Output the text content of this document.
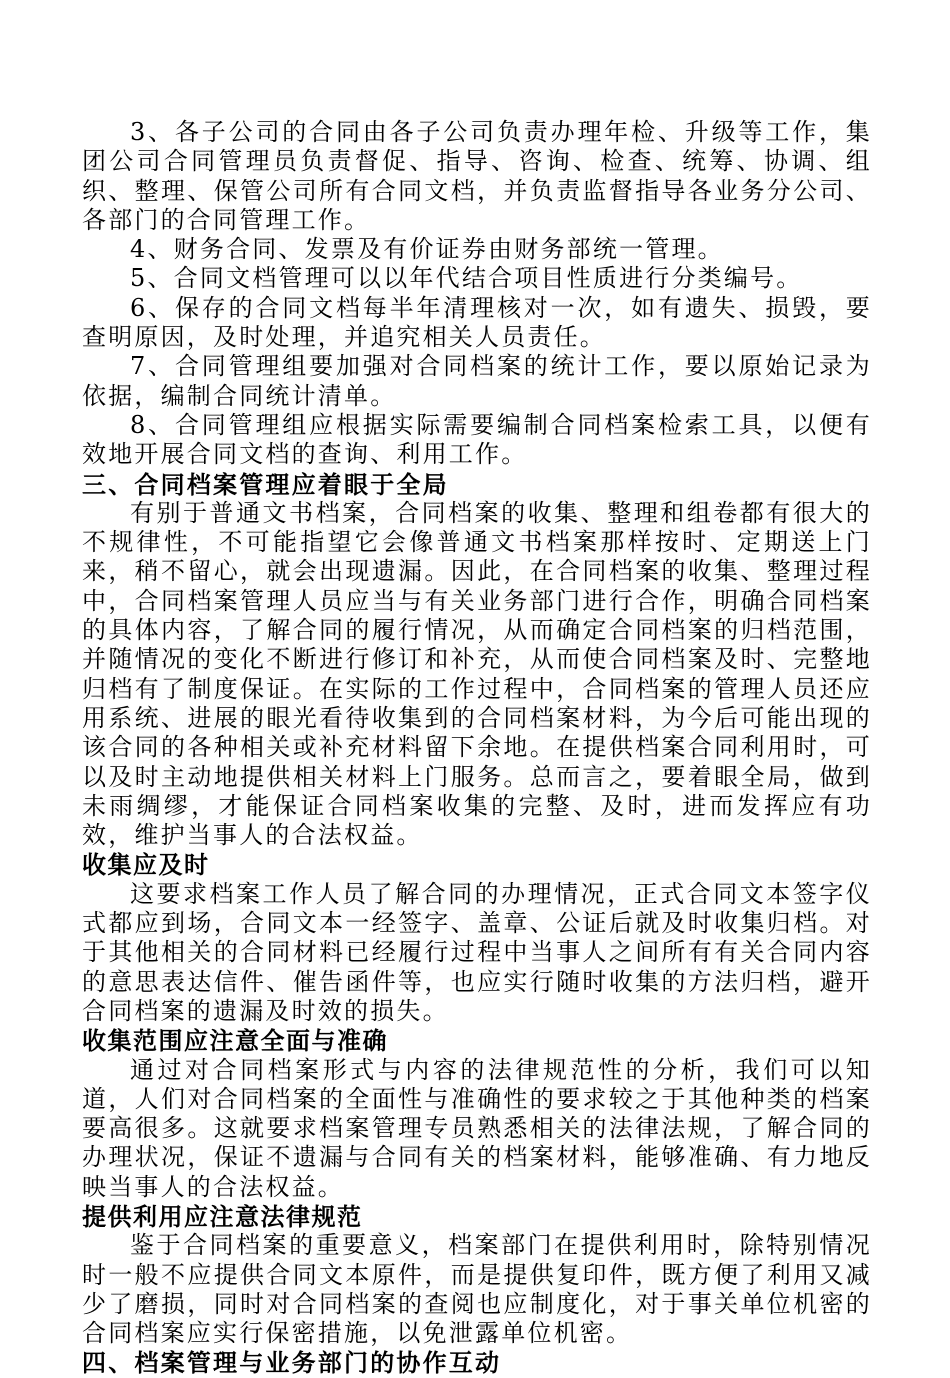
3、各子公司的合同由各子公司负责办理年检、升级等工作，集团公司合同管理员负责督促、指导、咨询、检查、统筹、协调、组织、整理、保管公司所有合同文档，并负责监督指导各业务分公司、各部门的合同管理工作。

4、财务合同、发票及有价证券由财务部统一管理。

5、合同文档管理可以以年代结合项目性质进行分类编号。

6、保存的合同文档每半年清理核对一次，如有遗失、损毁，要查明原因，及时处理，并追究相关人员责任。

7、合同管理组要加强对合同档案的统计工作，要以原始记录为依据，编制合同统计清单。

8、合同管理组应根据实际需要编制合同档案检索工具，以便有效地开展合同文档的查询、利用工作。

三、合同档案管理应着眼于全局

有别于普通文书档案，合同档案的收集、整理和组卷都有很大的不规律性，不可能指望它会像普通文书档案那样按时、定期送上门来，稍不留心，就会出现遗漏。因此，在合同档案的收集、整理过程中，合同档案管理人员应当与有关业务部门进行合作，明确合同档案的具体内容，了解合同的履行情况，从而确定合同档案的归档范围，并随情况的变化不断进行修订和补充，从而使合同档案及时、完整地归档有了制度保证。在实际的工作过程中，合同档案的管理人员还应用系统、进展的眼光看待收集到的合同档案材料，为今后可能出现的该合同的各种相关或补充材料留下余地。在提供档案合同利用时，可以及时主动地提供相关材料上门服务。总而言之，要着眼全局，做到未雨绸缪，才能保证合同档案收集的完整、及时，进而发挥应有功效，维护当事人的合法权益。

收集应及时

这要求档案工作人员了解合同的办理情况，正式合同文本签字仪式都应到场，合同文本一经签字、盖章、公证后就及时收集归档。对于其他相关的合同材料已经履行过程中当事人之间所有有关合同内容的意思表达信件、催告函件等，也应实行随时收集的方法归档，避开合同档案的遗漏及时效的损失。

收集范围应注意全面与准确

通过对合同档案形式与内容的法律规范性的分析，我们可以知道，人们对合同档案的全面性与准确性的要求较之于其他种类的档案要高很多。这就要求档案管理专员熟悉相关的法律法规，了解合同的办理状况，保证不遗漏与合同有关的档案材料，能够准确、有力地反映当事人的合法权益。

提供利用应注意法律规范

鉴于合同档案的重要意义，档案部门在提供利用时，除特别情况时一般不应提供合同文本原件，而是提供复印件，既方便了利用又减少了磨损，同时对合同档案的查阅也应制度化，对于事关单位机密的合同档案应实行保密措施，以免泄露单位机密。

四、档案管理与业务部门的协作互动
